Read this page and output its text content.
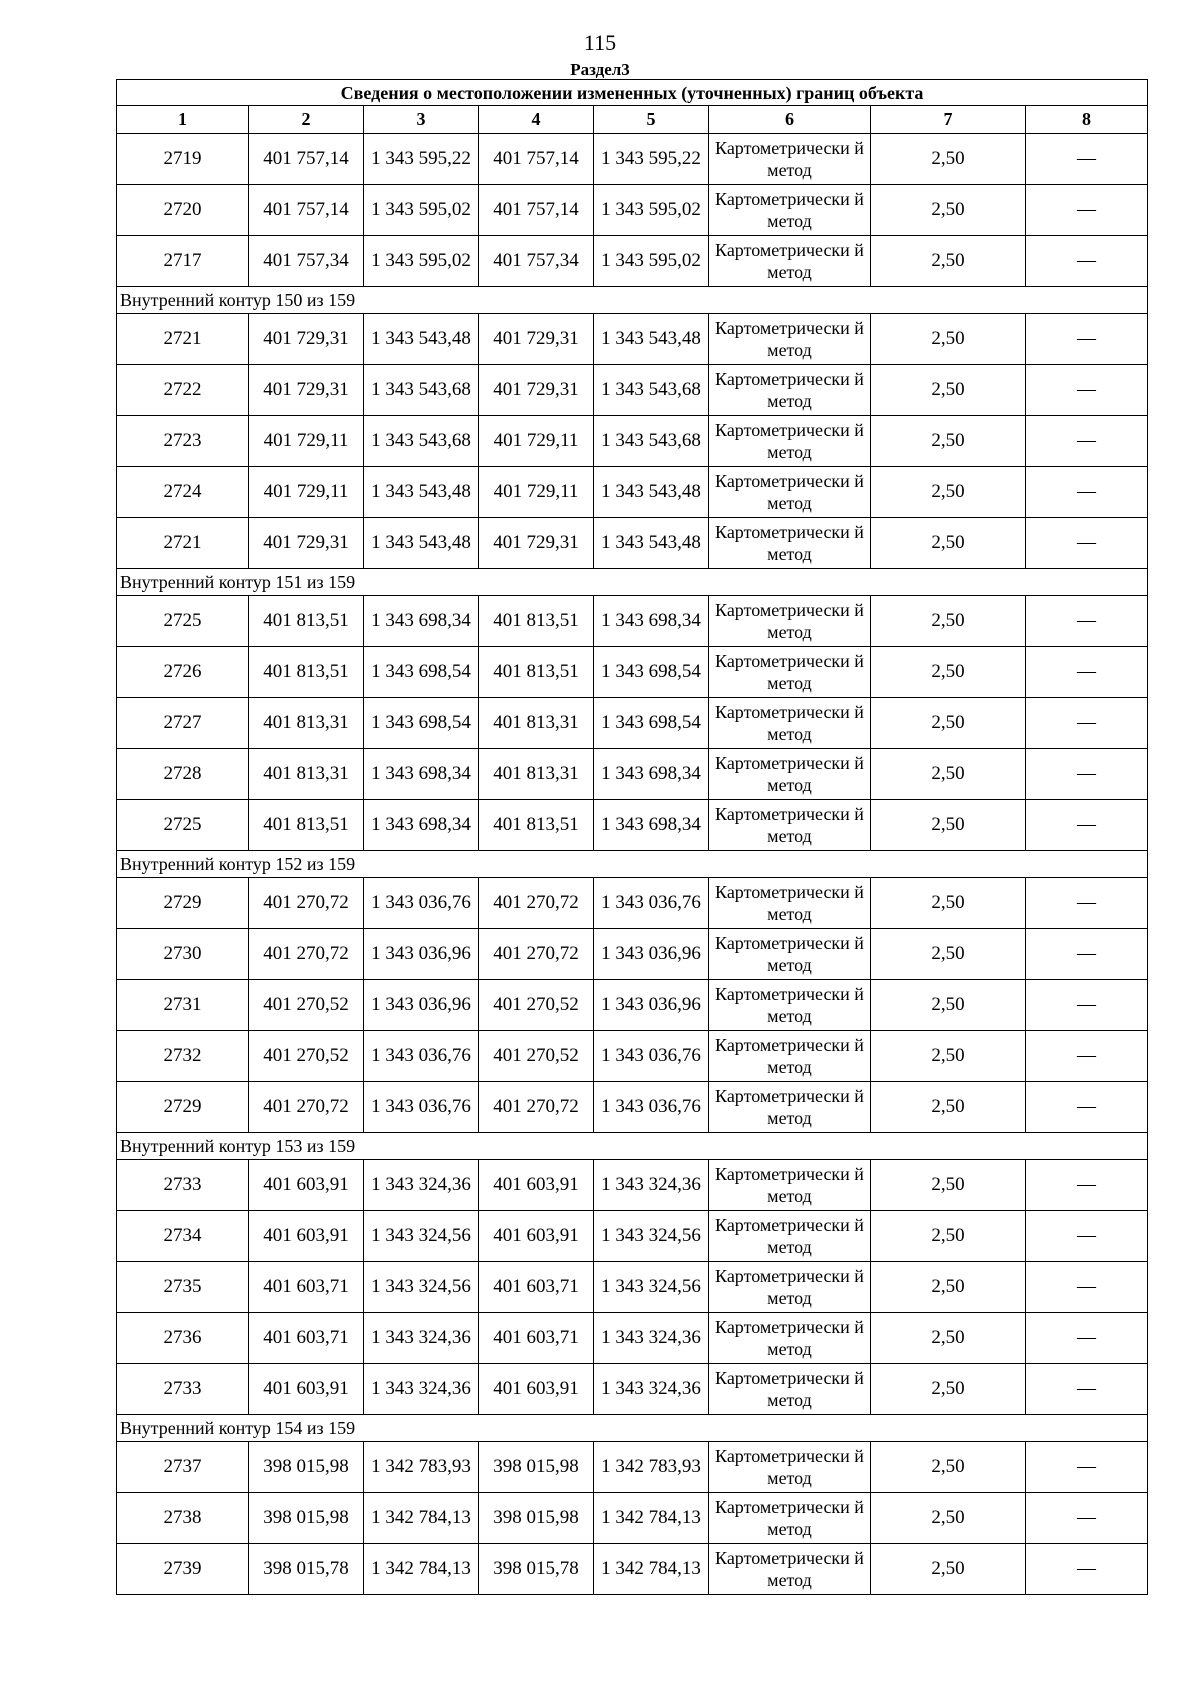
115
Раздел3
Сведения о местоположении измененных (уточненных) границ объекта							
1	2	3	4	5	6	7	8
2719	401 757,14	1 343 595,22	401 757,14	1 343 595,22	Картометрически й метод	2,50	—
2720	401 757,14	1 343 595,02	401 757,14	1 343 595,02	Картометрически й метод	2,50	—
2717	401 757,34	1 343 595,02	401 757,34	1 343 595,02	Картометрически й метод	2,50	—
Внутренний контур 150 из 159							
2721	401 729,31	1 343 543,48	401 729,31	1 343 543,48	Картометрически й метод	2,50	—
2722	401 729,31	1 343 543,68	401 729,31	1 343 543,68	Картометрически й метод	2,50	—
2723	401 729,11	1 343 543,68	401 729,11	1 343 543,68	Картометрически й метод	2,50	—
2724	401 729,11	1 343 543,48	401 729,11	1 343 543,48	Картометрически й метод	2,50	—
2721	401 729,31	1 343 543,48	401 729,31	1 343 543,48	Картометрически й метод	2,50	—
Внутренний контур 151 из 159							
2725	401 813,51	1 343 698,34	401 813,51	1 343 698,34	Картометрически й метод	2,50	—
2726	401 813,51	1 343 698,54	401 813,51	1 343 698,54	Картометрически й метод	2,50	—
2727	401 813,31	1 343 698,54	401 813,31	1 343 698,54	Картометрически й метод	2,50	—
2728	401 813,31	1 343 698,34	401 813,31	1 343 698,34	Картометрически й метод	2,50	—
2725	401 813,51	1 343 698,34	401 813,51	1 343 698,34	Картометрически й метод	2,50	—
Внутренний контур 152 из 159							
2729	401 270,72	1 343 036,76	401 270,72	1 343 036,76	Картометрически й метод	2,50	—
2730	401 270,72	1 343 036,96	401 270,72	1 343 036,96	Картометрически й метод	2,50	—
2731	401 270,52	1 343 036,96	401 270,52	1 343 036,96	Картометрически й метод	2,50	—
2732	401 270,52	1 343 036,76	401 270,52	1 343 036,76	Картометрически й метод	2,50	—
2729	401 270,72	1 343 036,76	401 270,72	1 343 036,76	Картометрически й метод	2,50	—
Внутренний контур 153 из 159							
2733	401 603,91	1 343 324,36	401 603,91	1 343 324,36	Картометрически й метод	2,50	—
2734	401 603,91	1 343 324,56	401 603,91	1 343 324,56	Картометрически й метод	2,50	—
2735	401 603,71	1 343 324,56	401 603,71	1 343 324,56	Картометрически й метод	2,50	—
2736	401 603,71	1 343 324,36	401 603,71	1 343 324,36	Картометрически й метод	2,50	—
2733	401 603,91	1 343 324,36	401 603,91	1 343 324,36	Картометрически й метод	2,50	—
Внутренний контур 154 из 159							
2737	398 015,98	1 342 783,93	398 015,98	1 342 783,93	Картометрически й метод	2,50	—
2738	398 015,98	1 342 784,13	398 015,98	1 342 784,13	Картометрически й метод	2,50	—
2739	398 015,78	1 342 784,13	398 015,78	1 342 784,13	Картометрически й метод	2,50	—
